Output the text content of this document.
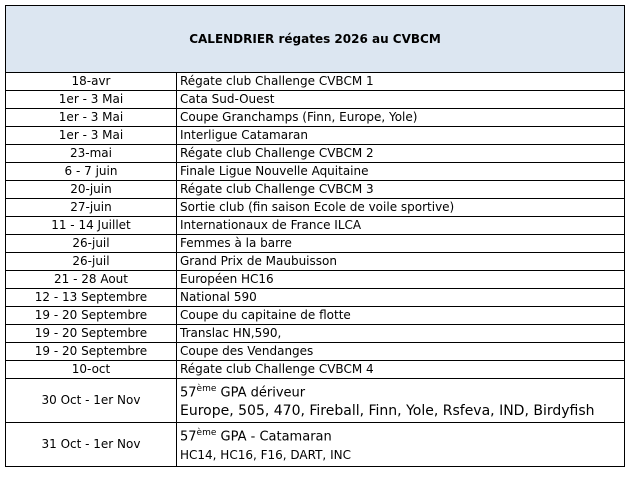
CALENDRIER régates 2026 au CVBCM
18-avr	Régate club Challenge CVBCM 1
1er - 3 Mai	Cata Sud-Ouest
1er - 3 Mai	Coupe Granchamps (Finn, Europe, Yole)
1er - 3 Mai	Interligue Catamaran
23-mai	Régate club Challenge CVBCM 2
6 - 7 juin	Finale Ligue Nouvelle Aquitaine
20-juin	Régate club Challenge CVBCM 3
27-juin	Sortie club (fin saison Ecole de voile sportive)
11 - 14 Juillet	Internationaux de France ILCA
26-juil	Femmes à la barre
26-juil	Grand Prix de Maubuisson
21 - 28 Aout	Européen HC16
12 - 13 Septembre	National 590
19 - 20 Septembre	Coupe du capitaine de flotte
19 - 20 Septembre	Translac HN,590,
19 - 20 Septembre	Coupe des Vendanges
10-oct	Régate club Challenge CVBCM 4
30 Oct - 1er Nov	57ème GPA dériveur
Europe, 505, 470, Fireball, Finn, Yole, Rsfeva, IND, Birdyfish

31 Oct - 1er Nov	57ème GPA - Catamaran
HC14, HC16, F16, DART, INC
